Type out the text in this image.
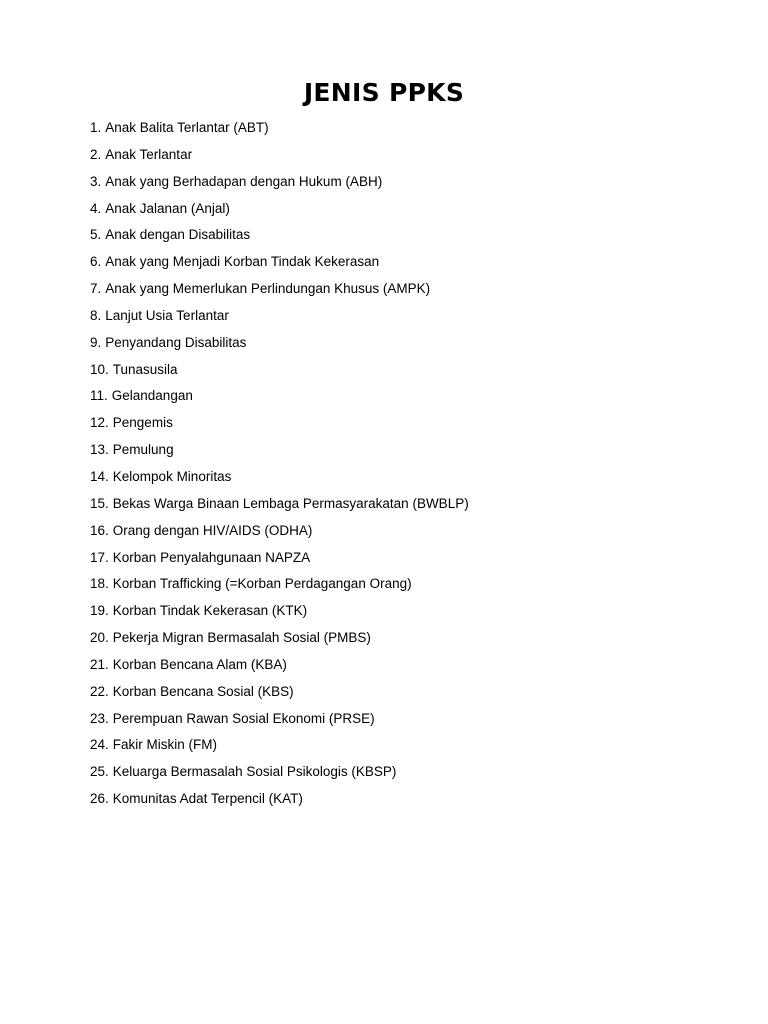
JENIS PPKS
1. Anak Balita Terlantar (ABT)
2. Anak Terlantar
3. Anak yang Berhadapan dengan Hukum (ABH)
4. Anak Jalanan (Anjal)
5. Anak dengan Disabilitas
6. Anak yang Menjadi Korban Tindak Kekerasan
7. Anak yang Memerlukan Perlindungan Khusus (AMPK)
8. Lanjut Usia Terlantar
9. Penyandang Disabilitas
10. Tunasusila
11. Gelandangan
12. Pengemis
13. Pemulung
14. Kelompok Minoritas
15. Bekas Warga Binaan Lembaga Permasyarakatan (BWBLP)
16. Orang dengan HIV/AIDS (ODHA)
17. Korban Penyalahgunaan NAPZA
18. Korban Trafficking (=Korban Perdagangan Orang)
19. Korban Tindak Kekerasan (KTK)
20. Pekerja Migran Bermasalah Sosial (PMBS)
21. Korban Bencana Alam (KBA)
22. Korban Bencana Sosial (KBS)
23. Perempuan Rawan Sosial Ekonomi (PRSE)
24. Fakir Miskin (FM)
25. Keluarga Bermasalah Sosial Psikologis (KBSP)
26. Komunitas Adat Terpencil (KAT)
